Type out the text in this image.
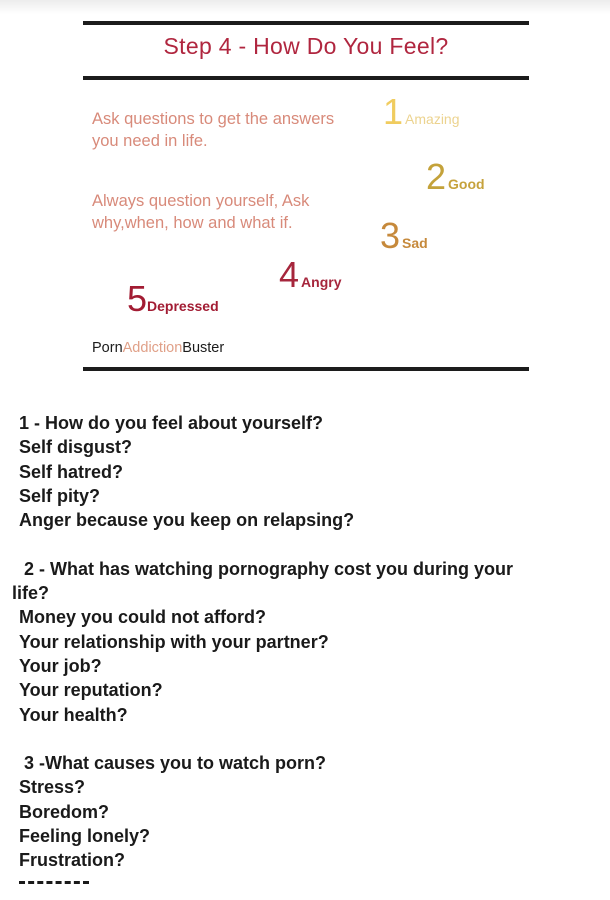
Step 4 - How Do You Feel?
Ask questions to get the answers you need in life.
Always question yourself, Ask why,when, how and what if.
1 Amazing
2 Good
3 Sad
4 Angry
5Depressed
PornAddictionBuster
1 - How do you feel about yourself?
Self disgust?
Self hatred?
Self pity?
Anger because you keep on relapsing?
2 - What has watching pornography cost you during your
life?
Money you could not afford?
Your relationship with your partner?
Your job?
Your reputation?
Your health?
3 -What causes you to watch porn?
Stress?
Boredom?
Feeling lonely?
Frustration?
